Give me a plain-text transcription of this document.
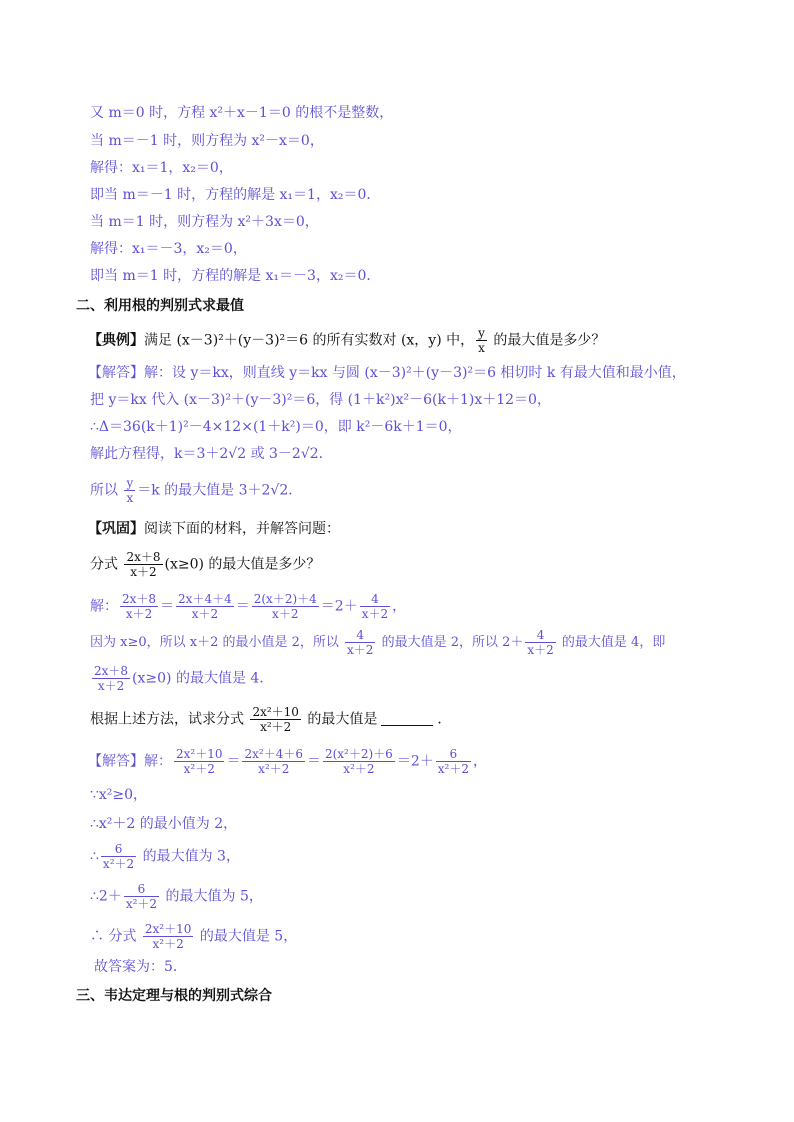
又 m＝0 时，方程 x²＋x－1＝0 的根不是整数，
当 m＝－1 时，则方程为 x²－x＝0，
解得：x₁＝1，x₂＝0，
即当 m＝－1 时，方程的解是 x₁＝1，x₂＝0．
当 m＝1 时，则方程为 x²＋3x＝0，
解得：x₁＝－3，x₂＝0，
即当 m＝1 时，方程的解是 x₁＝－3，x₂＝0．
二、利用根的判别式求最值
【典例】满足 (x－3)²＋(y－3)²＝6 的所有实数对 (x，y) 中， $\frac{y}{x}$ 的最大值是多少？
【解答】解：设 y＝kx，则直线 y＝kx 与圆 (x－3)²＋(y－3)²＝6 相切时 k 有最大值和最小值，
把 y＝kx 代入 (x－3)²＋(y－3)²＝6，得 (1＋k²)x²－6(k＋1)x＋12＝0，
∴Δ＝36(k＋1)²－4×12×(1＋k²)＝0，即 k²－6k＋1＝0，
解此方程得，k＝3＋2√2 或 3－2√2．
所以 $\frac{y}{x} =k$ 的最大值是 3＋2√2．
【巩固】阅读下面的材料，并解答问题：
分式 $\frac{2x+8}{x+2} (x\ge 0)$ 的最大值是多少？
解： $\frac{2x+8}{x+2} = \frac{2x+4+4}{x+2} = \frac{2(x+2)+4}{x+2} =2+ \frac{4}{x+2}$ ，
因为 x≥0，所以 x＋2 的最小值是 2，所以 $\frac{4}{x+2}$ 的最大值是 2，所以 $2+ \frac{4}{x+2}$ 的最大值是 4，即
$\frac{2x+8}{x+2} (x\ge 0)$ 的最大值是 4．
根据上述方法，试求分式 $\frac{\text{2x²＋10}}{\text{x²＋2}}$ 的最大值是	．
【解答】解： $\frac{\text{2x²＋10}}{\text{x²＋2}} = \frac{\text{2x²＋4＋6}}{\text{x²＋2}} = \frac{\text{2(x²＋2)＋6}}{\text{x²＋2}} =2+ \frac{6}{\text{x²＋2}}$ ，
∵x²≥0，
∴x²＋2 的最小值为 2，
∴ $\frac{6}{\text{x²＋2}}$ 的最大值为 3，
∴2＋ $\frac{6}{\text{x²＋2}}$ 的最大值为 5，
∴ 分式 $\frac{\text{2x²＋10}}{\text{x²＋2}}$ 的最大值是 5，
故答案为：5．
三、韦达定理与根的判别式综合
